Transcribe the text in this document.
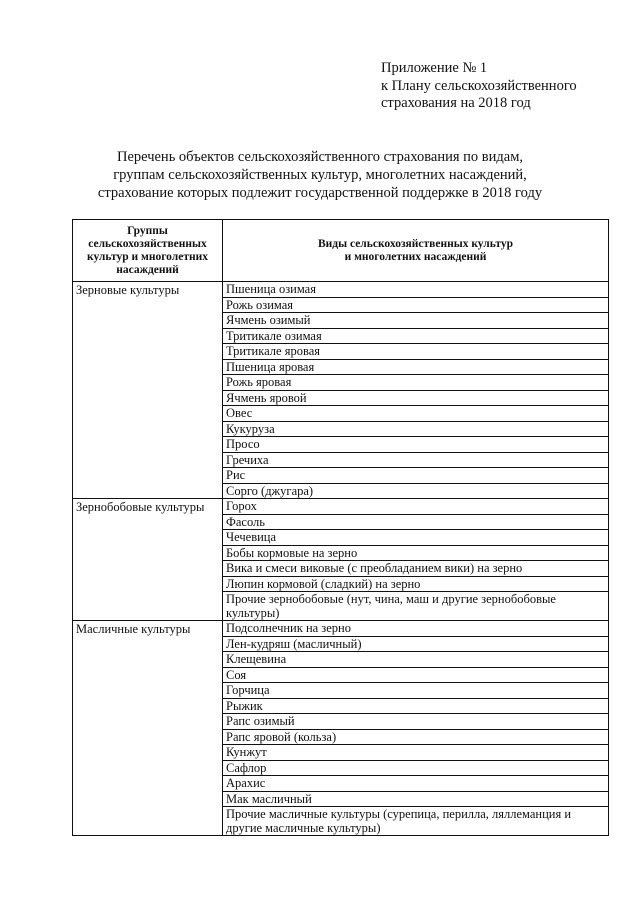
Приложение № 1
к Плану сельскохозяйственного
страхования на 2018 год
Перечень объектов сельскохозяйственного страхования по видам,
группам сельскохозяйственных культур, многолетних насаждений,
страхование которых подлежит государственной поддержке в 2018 году
Группы
сельскохозяйственных
культур и многолетних
насаждений	Виды сельскохозяйственных культур
и многолетних насаждений

Зерновые культуры	Пшеница озимая
	Рожь озимая
	Ячмень озимый
	Тритикале озимая
	Тритикале яровая
	Пшеница яровая
	Рожь яровая
	Ячмень яровой
	Овес
	Кукуруза
	Просо
	Гречиха
	Рис
	Сорго (джугара)
Зернобобовые культуры	Горох
	Фасоль
	Чечевица
	Бобы кормовые на зерно
	Вика и смеси виковые (с преобладанием вики) на зерно
	Люпин кормовой (сладкий) на зерно
	Прочие зернобобовые (нут, чина, маш и другие зернобобовые культуры)
Масличные культуры	Подсолнечник на зерно
	Лен-кудряш (масличный)
	Клещевина
	Соя
	Горчица
	Рыжик
	Рапс озимый
	Рапс яровой (кольза)
	Кунжут
	Сафлор
	Арахис
	Мак масличный
	Прочие масличные культуры (сурепица, перилла, ляллеманция и другие масличные культуры)
